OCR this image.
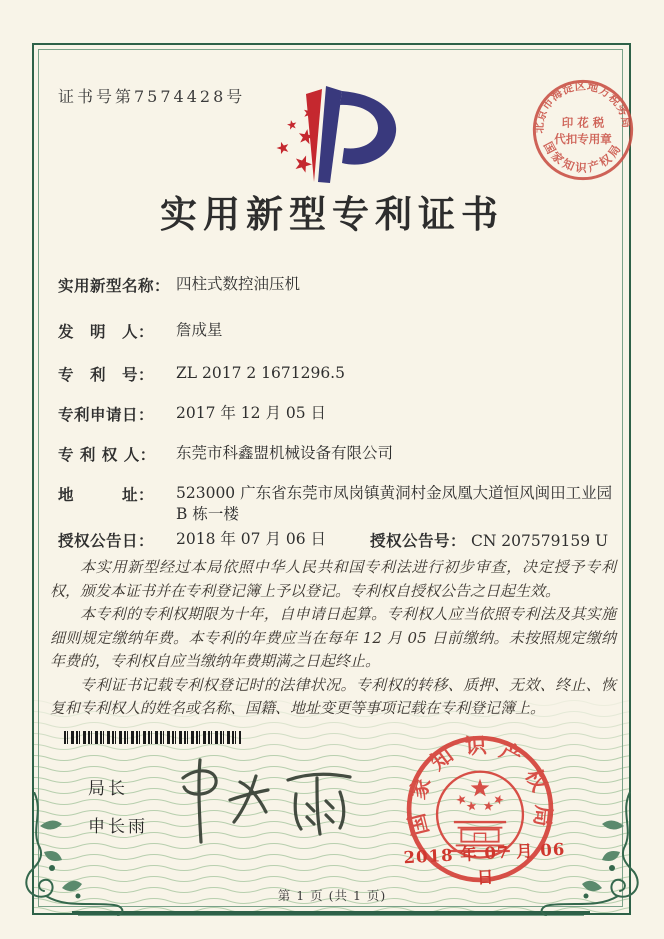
证书号第7574428号
北京市海淀区地方税务局
国家知识产权局
印 花 税
代扣专用章
实用新型专利证书
实用新型名称： 四柱式数控油压机
发　明　人：	詹成星
专　利　号：	ZL 2017 2 1671296.5
专利申请日：	2017 年 12 月 05 日
专 利 权 人：	东莞市科鑫盟机械设备有限公司
地　　　址：	523000 广东省东莞市凤岗镇黄洞村金凤凰大道恒风闽田工业园 B 栋一楼
授权公告日：	2018 年 07 月 06 日	授权公告号： CN 207579159 U

本实用新型经过本局依照中华人民共和国专利法进行初步审查，决定授予专利权，颁发本证书并在专利登记簿上予以登记。专利权自授权公告之日起生效。

本专利的专利权期限为十年，自申请日起算。专利权人应当依照专利法及其实施细则规定缴纳年费。本专利的年费应当在每年 12 月 05 日前缴纳。未按照规定缴纳年费的，专利权自应当缴纳年费期满之日起终止。

专利证书记载专利权登记时的法律状况。专利权的转移、质押、无效、终止、恢复和专利权人的姓名或名称、国籍、地址变更等事项记载在专利登记簿上。

局长
申长雨	国家知识产权局
2018 年 07 月 06 日
第 1 页 (共 1 页)
